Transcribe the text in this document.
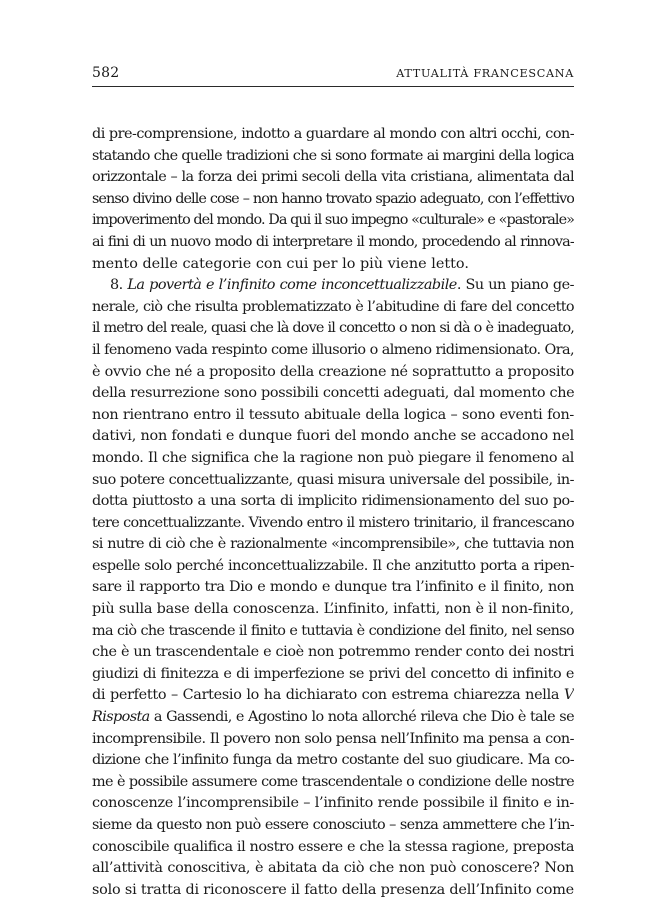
582	ATTUALITÀ FRANCESCANA
di pre-comprensione, indotto a guardare al mondo con altri occhi, con-
statando che quelle tradizioni che si sono formate ai margini della logica
orizzontale – la forza dei primi secoli della vita cristiana, alimentata dal
senso divino delle cose – non hanno trovato spazio adeguato, con l’effettivo
impoverimento del mondo. Da qui il suo impegno «culturale» e «pastorale»
ai fini di un nuovo modo di interpretare il mondo, procedendo al rinnova-
mento delle categorie con cui per lo più viene letto.
8. La povertà e l’infinito come inconcettualizzabile. Su un piano ge-
nerale, ciò che risulta problematizzato è l’abitudine di fare del concetto
il metro del reale, quasi che là dove il concetto o non si dà o è inadeguato,
il fenomeno vada respinto come illusorio o almeno ridimensionato. Ora,
è ovvio che né a proposito della creazione né soprattutto a proposito
della resurrezione sono possibili concetti adeguati, dal momento che
non rientrano entro il tessuto abituale della logica – sono eventi fon-
dativi, non fondati e dunque fuori del mondo anche se accadono nel
mondo. Il che significa che la ragione non può piegare il fenomeno al
suo potere concettualizzante, quasi misura universale del possibile, in-
dotta piuttosto a una sorta di implicito ridimensionamento del suo po-
tere concettualizzante. Vivendo entro il mistero trinitario, il francescano
si nutre di ciò che è razionalmente «incomprensibile», che tuttavia non
espelle solo perché inconcettualizzabile. Il che anzitutto porta a ripen-
sare il rapporto tra Dio e mondo e dunque tra l’infinito e il finito, non
più sulla base della conoscenza. L’infinito, infatti, non è il non-finito,
ma ciò che trascende il finito e tuttavia è condizione del finito, nel senso
che è un trascendentale e cioè non potremmo render conto dei nostri
giudizi di finitezza e di imperfezione se privi del concetto di infinito e
di perfetto – Cartesio lo ha dichiarato con estrema chiarezza nella V
Risposta a Gassendi, e Agostino lo nota allorché rileva che Dio è tale se
incomprensibile. Il povero non solo pensa nell’Infinito ma pensa a con-
dizione che l’infinito funga da metro costante del suo giudicare. Ma co-
me è possibile assumere come trascendentale o condizione delle nostre
conoscenze l’incomprensibile – l’infinito rende possibile il finito e in-
sieme da questo non può essere conosciuto – senza ammettere che l’in-
conoscibile qualifica il nostro essere e che la stessa ragione, preposta
all’attività conoscitiva, è abitata da ciò che non può conoscere? Non
solo si tratta di riconoscere il fatto della presenza dell’Infinito come
